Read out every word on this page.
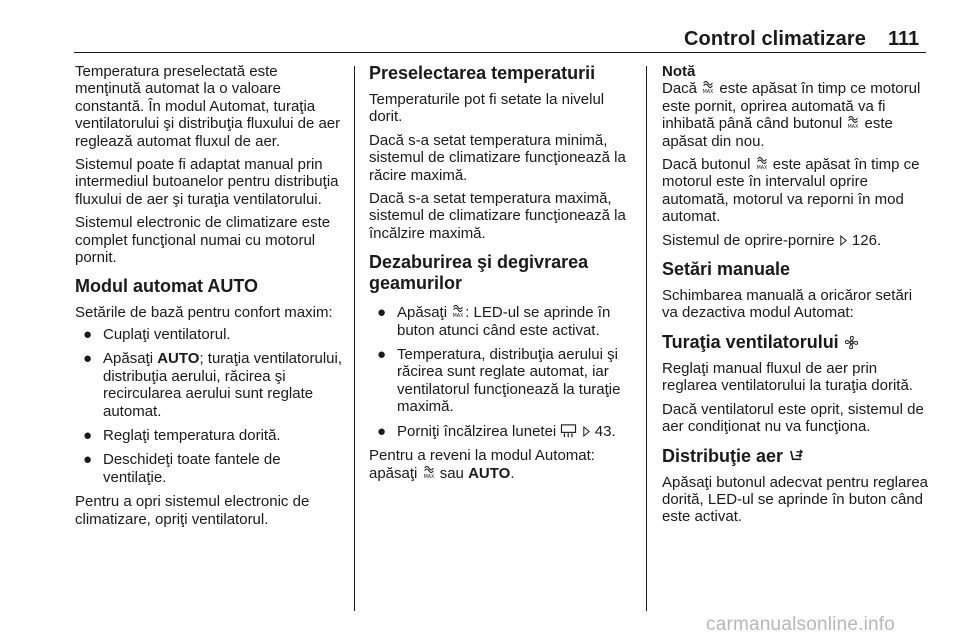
Control climatizare 111

Temperatura preselectată este menţinută automat la o valoare constantă. În modul Automat, turaţia ventilatorului şi distribuţia fluxului de aer reglează automat fluxul de aer.

Sistemul poate fi adaptat manual prin intermediul butoanelor pentru distribuţia fluxului de aer şi turaţia ventilatorului.

Sistemul electronic de climatizare este complet funcţional numai cu motorul pornit.

Modul automat AUTO

Setările de bază pentru confort maxim:

● Cuplaţi ventilatorul.
● Apăsaţi AUTO; turaţia ventilatorului, distribuţia aerului, răcirea şi recircularea aerului sunt reglate automat.
● Reglaţi temperatura dorită.
● Deschideţi toate fantele de ventilaţie.

Pentru a opri sistemul electronic de climatizare, opriţi ventilatorul.

Preselectarea temperaturii

Temperaturile pot fi setate la nivelul dorit.

Dacă s-a setat temperatura minimă, sistemul de climatizare funcţionează la răcire maximă.

Dacă s-a setat temperatura maximă, sistemul de climatizare funcţionează la încălzire maximă.

Dezaburirea şi degivrarea geamurilor
● Apăsaţi : LED-ul se aprinde în buton atunci când este activat.
● Temperatura, distribuţia aerului şi răcirea sunt reglate automat, iar ventilatorul funcţionează la turaţie maximă.
● Porniţi încălzirea lunetei   43.

Pentru a reveni la modul Automat: apăsaţi  sau AUTO.

Notă

Dacă  este apăsat în timp ce motorul este pornit, oprirea automată va fi inhibată până când butonul  este apăsat din nou.

Dacă butonul  este apăsat în timp ce motorul este în intervalul oprire automată, motorul va reporni în mod automat.

Sistemul de oprire-pornire  126.

Setări manuale

Schimbarea manuală a oricăror setări va dezactiva modul Automat:

Turaţia ventilatorului

Reglaţi manual fluxul de aer prin reglarea ventilatorului la turaţia dorită.

Dacă ventilatorul este oprit, sistemul de aer condiţionat nu va funcţiona.

Distribuţie aer

Apăsaţi butonul adecvat pentru reglarea dorită, LED-ul se aprinde în buton când este activat.

carmanualsonline.info
